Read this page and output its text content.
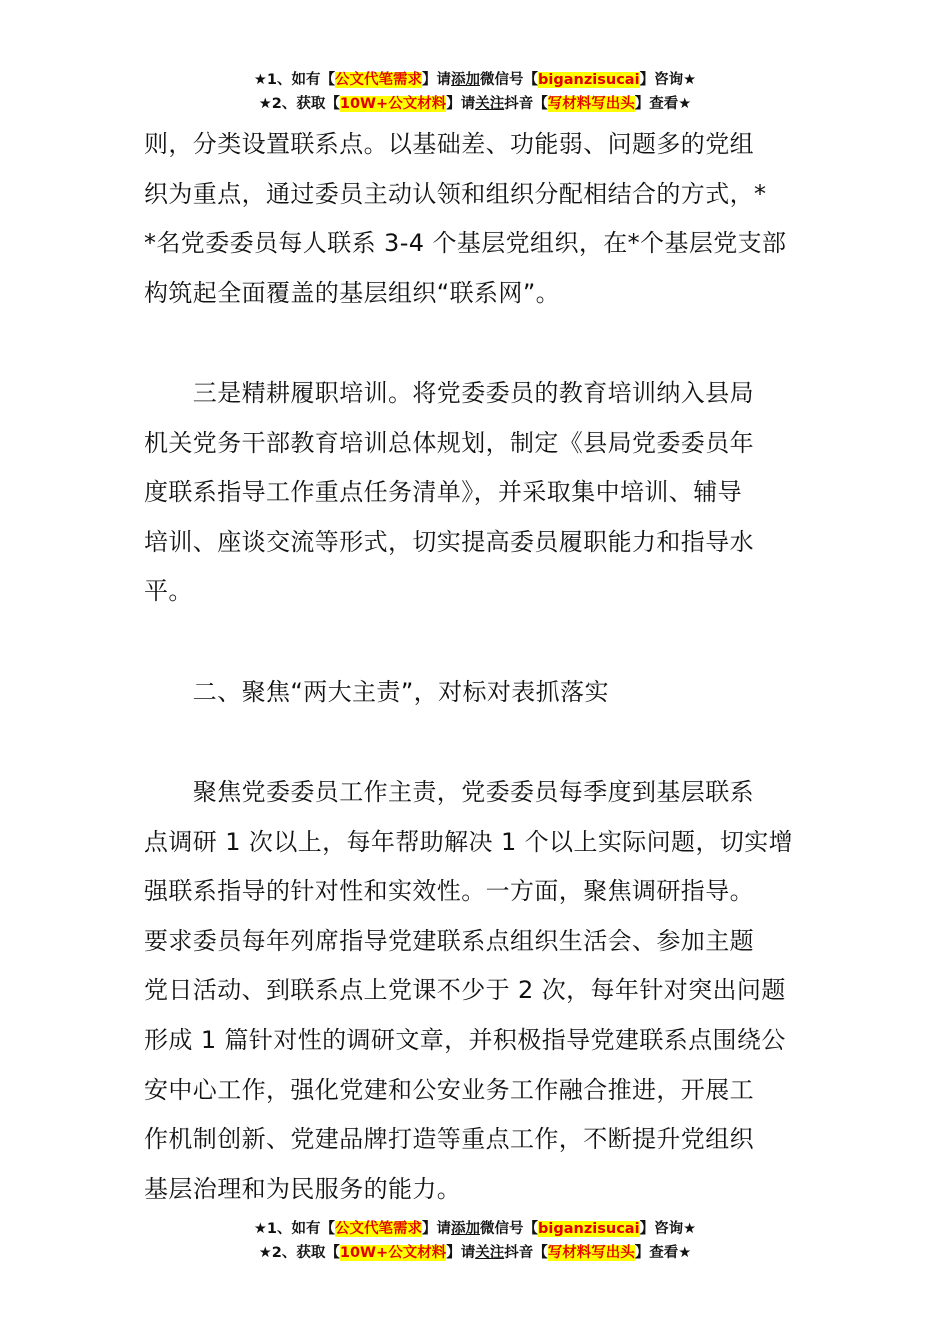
★1、如有【公文代笔需求】请添加微信号【biganzisucai】咨询★
★2、获取【10W+公文材料】请关注抖音【写材料写出头】查看★

则，分类设置联系点。以基础差、功能弱、问题多的党组

织为重点，通过委员主动认领和组织分配相结合的方式，*

*名党委委员每人联系 3-4 个基层党组织，在*个基层党支部

构筑起全面覆盖的基层组织“联系网”。

　　三是精耕履职培训。将党委委员的教育培训纳入县局

机关党务干部教育培训总体规划，制定《县局党委委员年

度联系指导工作重点任务清单》，并采取集中培训、辅导

培训、座谈交流等形式，切实提高委员履职能力和指导水

平。

　　二、聚焦“两大主责”，对标对表抓落实

　　聚焦党委委员工作主责，党委委员每季度到基层联系

点调研 1 次以上，每年帮助解决 1 个以上实际问题，切实增

强联系指导的针对性和实效性。一方面，聚焦调研指导。

要求委员每年列席指导党建联系点组织生活会、参加主题

党日活动、到联系点上党课不少于 2 次，每年针对突出问题

形成 1 篇针对性的调研文章，并积极指导党建联系点围绕公

安中心工作，强化党建和公安业务工作融合推进，开展工

作机制创新、党建品牌打造等重点工作，不断提升党组织

基层治理和为民服务的能力。

★1、如有【公文代笔需求】请添加微信号【biganzisucai】咨询★
★2、获取【10W+公文材料】请关注抖音【写材料写出头】查看★
